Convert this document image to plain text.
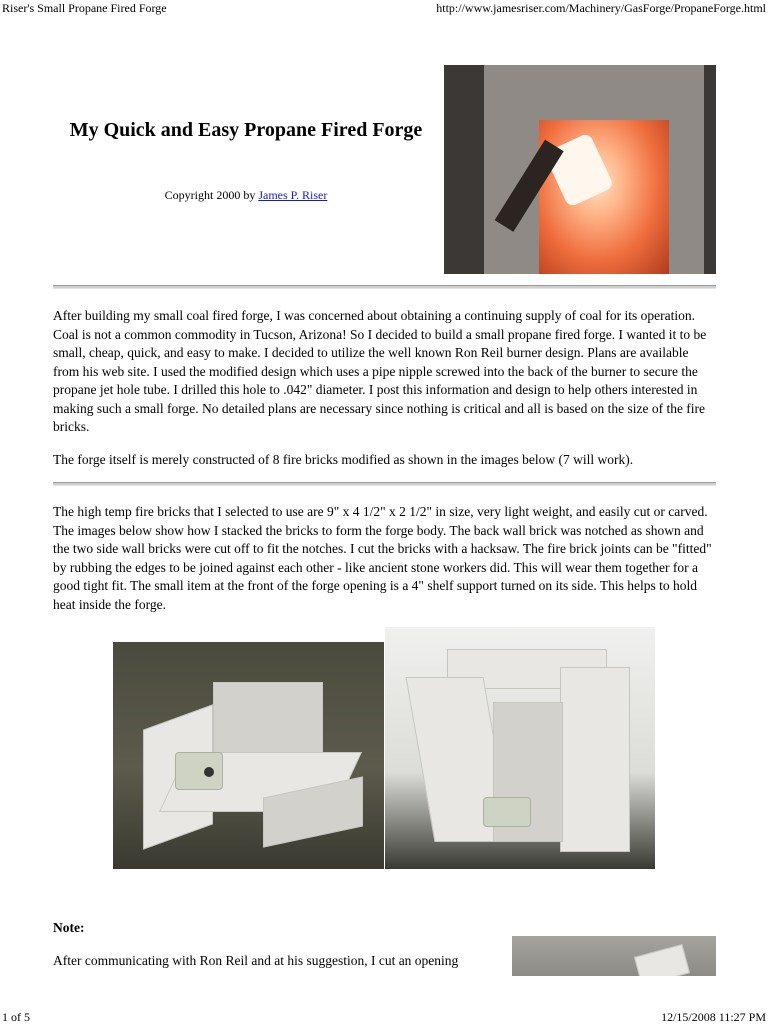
Riser's Small Propane Fired Forge	http://www.jamesriser.com/Machinery/GasForge/PropaneForge.html
My Quick and Easy Propane Fired Forge
Copyright 2000 by James P. Riser
After building my small coal fired forge, I was concerned about obtaining a continuing supply of coal for its operation. Coal is not a common commodity in Tucson, Arizona! So I decided to build a small propane fired forge. I wanted it to be small, cheap, quick, and easy to make. I decided to utilize the well known Ron Reil burner design. Plans are available from his web site. I used the modified design which uses a pipe nipple screwed into the back of the burner to secure the propane jet hole tube. I drilled this hole to .042" diameter. I post this information and design to help others interested in making such a small forge. No detailed plans are necessary since nothing is critical and all is based on the size of the fire bricks.
The forge itself is merely constructed of 8 fire bricks modified as shown in the images below (7 will work).
The high temp fire bricks that I selected to use are 9" x 4 1/2" x 2 1/2" in size, very light weight, and easily cut or carved. The images below show how I stacked the bricks to form the forge body. The back wall brick was notched as shown and the two side wall bricks were cut off to fit the notches. I cut the bricks with a hacksaw. The fire brick joints can be "fitted" by rubbing the edges to be joined against each other - like ancient stone workers did. This will wear them together for a good tight fit. The small item at the front of the forge opening is a 4" shelf support turned on its side. This helps to hold heat inside the forge.
Note:
After communicating with Ron Reil and at his suggestion, I cut an opening
1 of 5	12/15/2008 11:27 PM
